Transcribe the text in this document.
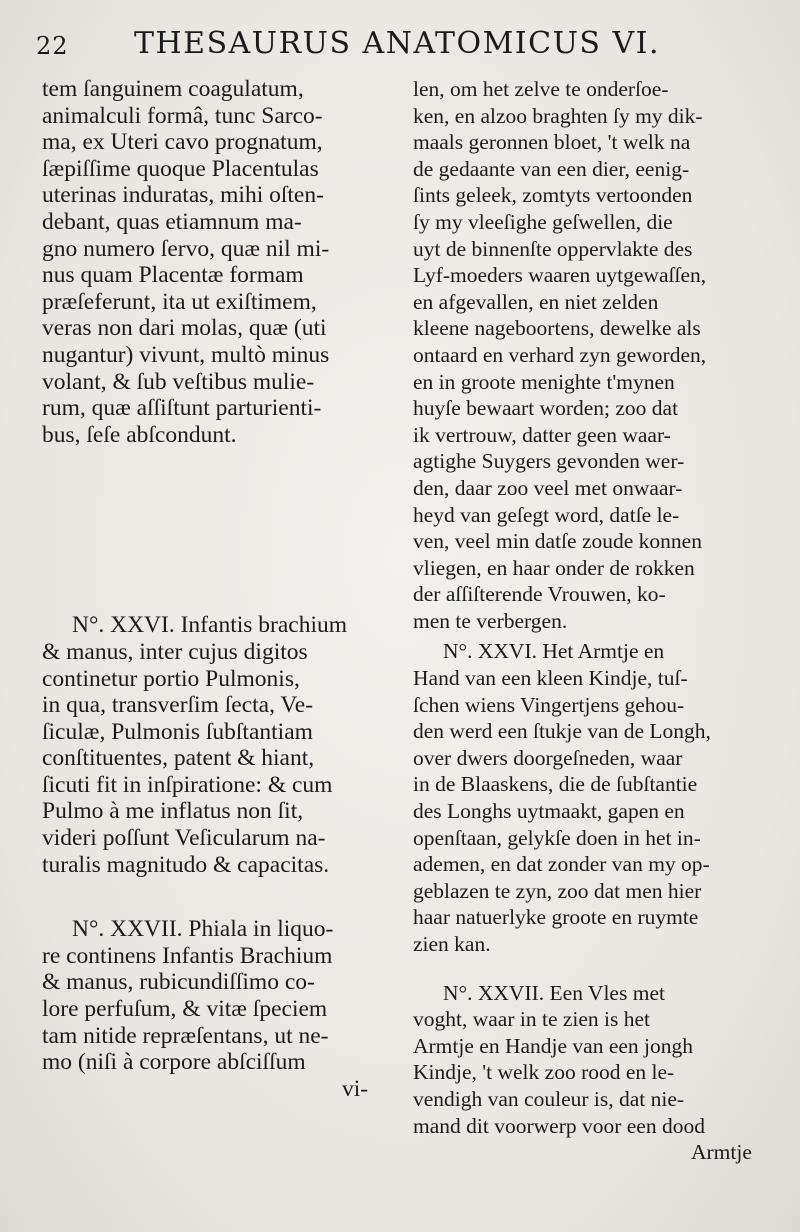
22 THESAURUS ANATOMICUS VI.

tem ſanguinem coagulatum,
animalculi formâ, tunc Sarco-
ma, ex Uteri cavo prognatum,
ſæpiſſime quoque Placentulas
uterinas induratas, mihi oſten-
debant, quas etiamnum ma-
gno numero ſervo, quæ nil mi-
nus quam Placentæ formam
præſeferunt, ita ut exiſtimem,
veras non dari molas, quæ (uti
nugantur) vivunt, multò minus
volant, & ſub veſtibus mulie-
rum, quæ aſſiſtunt parturienti-
bus, ſeſe abſcondunt.

N°. XXVI. Infantis brachium
& manus, inter cujus digitos
continetur portio Pulmonis,
in qua, transverſim ſecta, Ve-
ſiculæ, Pulmonis ſubſtantiam
conſtituentes, patent & hiant,
ſicuti fit in inſpiratione: & cum
Pulmo à me inflatus non ſit,
videri poſſunt Veſicularum na-
turalis magnitudo & capacitas.

N°. XXVII. Phiala in liquo-
re continens Infantis Brachium
& manus, rubicundiſſimo co-
lore perfuſum, & vitæ ſpeciem
tam nitide repræſentans, ut ne-
mo (niſi à corpore abſciſſum
vi-

len, om het zelve te onderſoe-
ken, en alzoo braghten ſy my dik-
maals geronnen bloet, 't welk na
de gedaante van een dier, eenig-
ſints geleek, zomtyts vertoonden
ſy my vleeſighe geſwellen, die
uyt de binnenſte oppervlakte des
Lyf-moeders waaren uytgewaſſen,
en afgevallen, en niet zelden
kleene nageboortens, dewelke als
ontaard en verhard zyn geworden,
en in groote menighte t'mynen
huyſe bewaart worden; zoo dat
ik vertrouw, datter geen waar-
agtighe Suygers gevonden wer-
den, daar zoo veel met onwaar-
heyd van geſegt word, datſe le-
ven, veel min datſe zoude konnen
vliegen, en haar onder de rokken
der aſſiſterende Vrouwen, ko-
men te verbergen.

N°. XXVI. Het Armtje en
Hand van een kleen Kindje, tuſ-
ſchen wiens Vingertjens gehou-
den werd een ſtukje van de Longh,
over dwers doorgeſneden, waar
in de Blaaskens, die de ſubſtantie
des Longhs uytmaakt, gapen en
openſtaan, gelykſe doen in het in-
ademen, en dat zonder van my op-
geblazen te zyn, zoo dat men hier
haar natuerlyke groote en ruymte
zien kan.

N°. XXVII. Een Vles met
voght, waar in te zien is het
Armtje en Handje van een jongh
Kindje, 't welk zoo rood en le-
vendigh van couleur is, dat nie-
mand dit voorwerp voor een dood
Armtje
